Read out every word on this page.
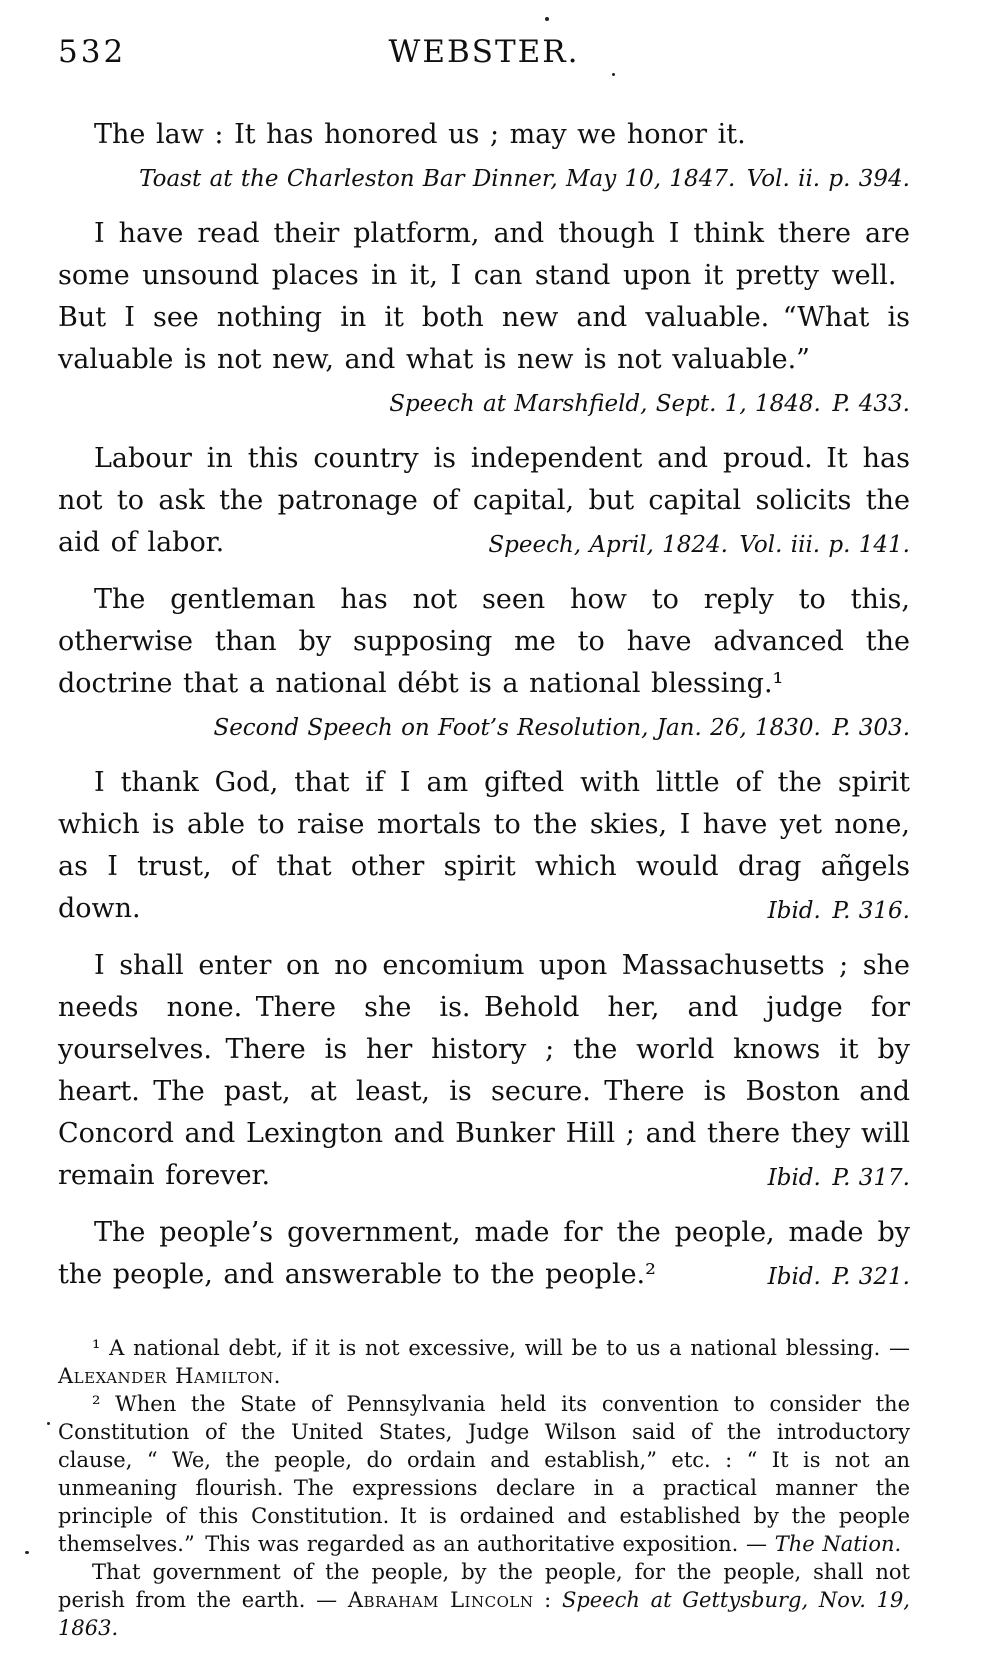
532	WEBSTER.

The law : It has honored us ; may we honor it.
Toast at the Charleston Bar Dinner, May 10, 1847. Vol. ii. p. 394.

I have read their platform, and though I think there are some unsound places in it, I can stand upon it pretty well. But I see nothing in it both new and valuable. “What is valuable is not new, and what is new is not valuable.”
Speech at Marshfield, Sept. 1, 1848. P. 433.

Labour in this country is independent and proud. It has not to ask the patronage of capital, but capital solicits the aid of labor.	Speech, April, 1824. Vol. iii. p. 141.

The gentleman has not seen how to reply to this, otherwise than by supposing me to have advanced the doctrine that a national débt is a national blessing.¹
Second Speech on Foot’s Resolution, Jan. 26, 1830. P. 303.

I thank God, that if I am gifted with little of the spirit which is able to raise mortals to the skies, I have yet none, as I trust, of that other spirit which would drag añgels down.	Ibid. P. 316.

I shall enter on no encomium upon Massachusetts ; she needs none. There she is. Behold her, and judge for yourselves. There is her history ; the world knows it by heart. The past, at least, is secure. There is Boston and Concord and Lexington and Bunker Hill ; and there they will remain forever.	Ibid. P. 317.

The people’s government, made for the people, made by the people, and answerable to the people.²	Ibid. P. 321.

¹ A national debt, if it is not excessive, will be to us a national blessing. — Alexander Hamilton.

² When the State of Pennsylvania held its convention to consider the Constitution of the United States, Judge Wilson said of the introductory clause, “ We, the people, do ordain and establish,” etc. : “ It is not an unmeaning flourish. The expressions declare in a practical manner the principle of this Constitution. It is ordained and established by the people themselves.” This was regarded as an authoritative exposition. — The Nation.

That government of the people, by the people, for the people, shall not perish from the earth. — Abraham Lincoln : Speech at Gettysburg, Nov. 19, 1863.
